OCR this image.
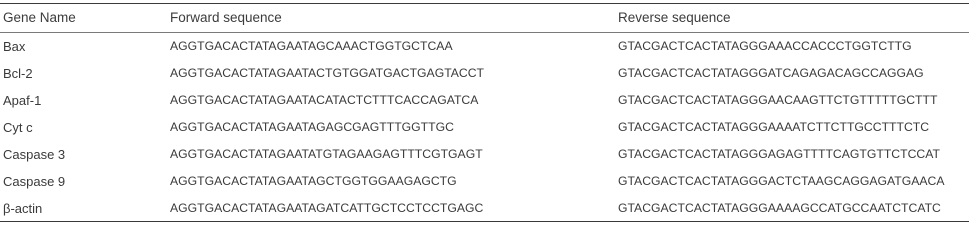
Gene Name	Forward sequence	Reverse sequence
Bax	AGGTGACACTATAGAATAGCAAACTGGTGCTCAA	GTACGACTCACTATAGGGAAACCACCCTGGTCTTG
Bcl-2	AGGTGACACTATAGAATACTGTGGATGACTGAGTACCT	GTACGACTCACTATAGGGATCAGAGACAGCCAGGAG
Apaf-1	AGGTGACACTATAGAATACATACTCTTTCACCAGATCA	GTACGACTCACTATAGGGAACAAGTTCTGTTTTTGCTTT
Cyt c	AGGTGACACTATAGAATAGAGCGAGTTTGGTTGC	GTACGACTCACTATAGGGAAAATCTTCTTGCCTTTCTC
Caspase 3	AGGTGACACTATAGAATATGTAGAAGAGTTTCGTGAGT	GTACGACTCACTATAGGGAGAGTTTTCAGTGTTCTCCAT
Caspase 9	AGGTGACACTATAGAATAGCTGGTGGAAGAGCTG	GTACGACTCACTATAGGGACTCTAAGCAGGAGATGAACA
β-actin	AGGTGACACTATAGAATAGATCATTGCTCCTCCTGAGC	GTACGACTCACTATAGGGAAAAGCCATGCCAATCTCATC
